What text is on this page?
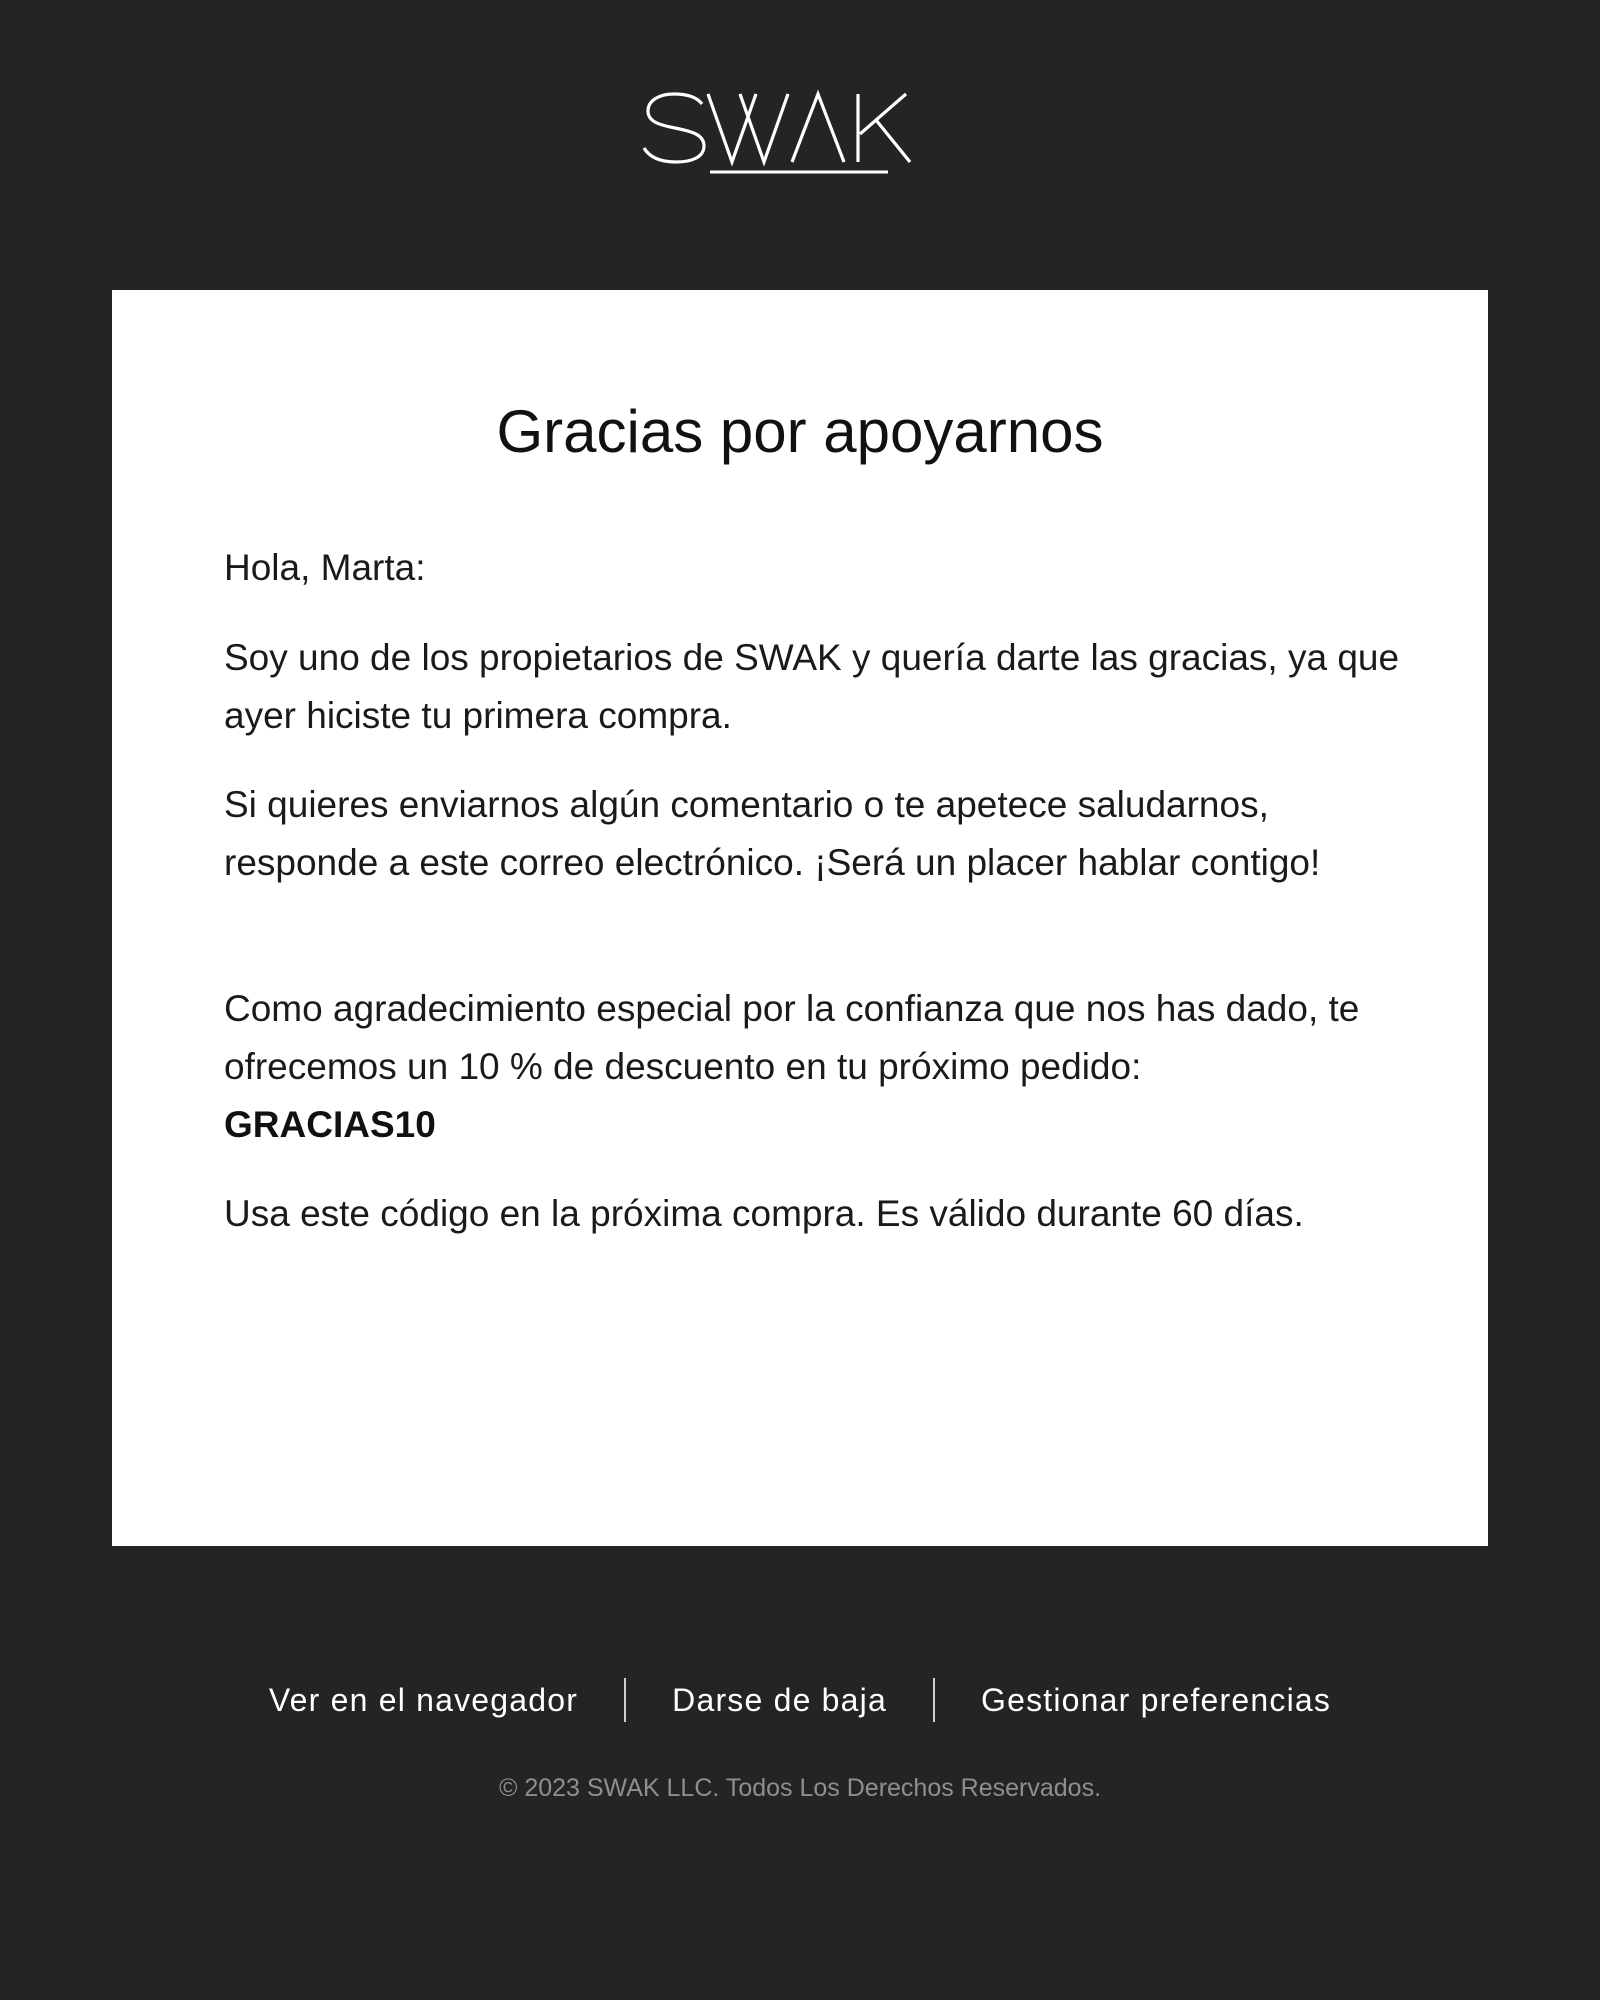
Gracias por apoyarnos

Hola, Marta:

Soy uno de los propietarios de SWAK y quería darte las gracias, ya que ayer hiciste tu primera compra.

Si quieres enviarnos algún comentario o te apetece saludarnos, responde a este correo electrónico. ¡Será un placer hablar contigo!

Como agradecimiento especial por la confianza que nos has dado, te ofrecemos un 10 % de descuento en tu próximo pedido:
GRACIAS10

Usa este código en la próxima compra. Es válido durante 60 días.

Ver en el navegador	Darse de baja	Gestionar preferencias

© 2023 SWAK LLC. Todos Los Derechos Reservados.
